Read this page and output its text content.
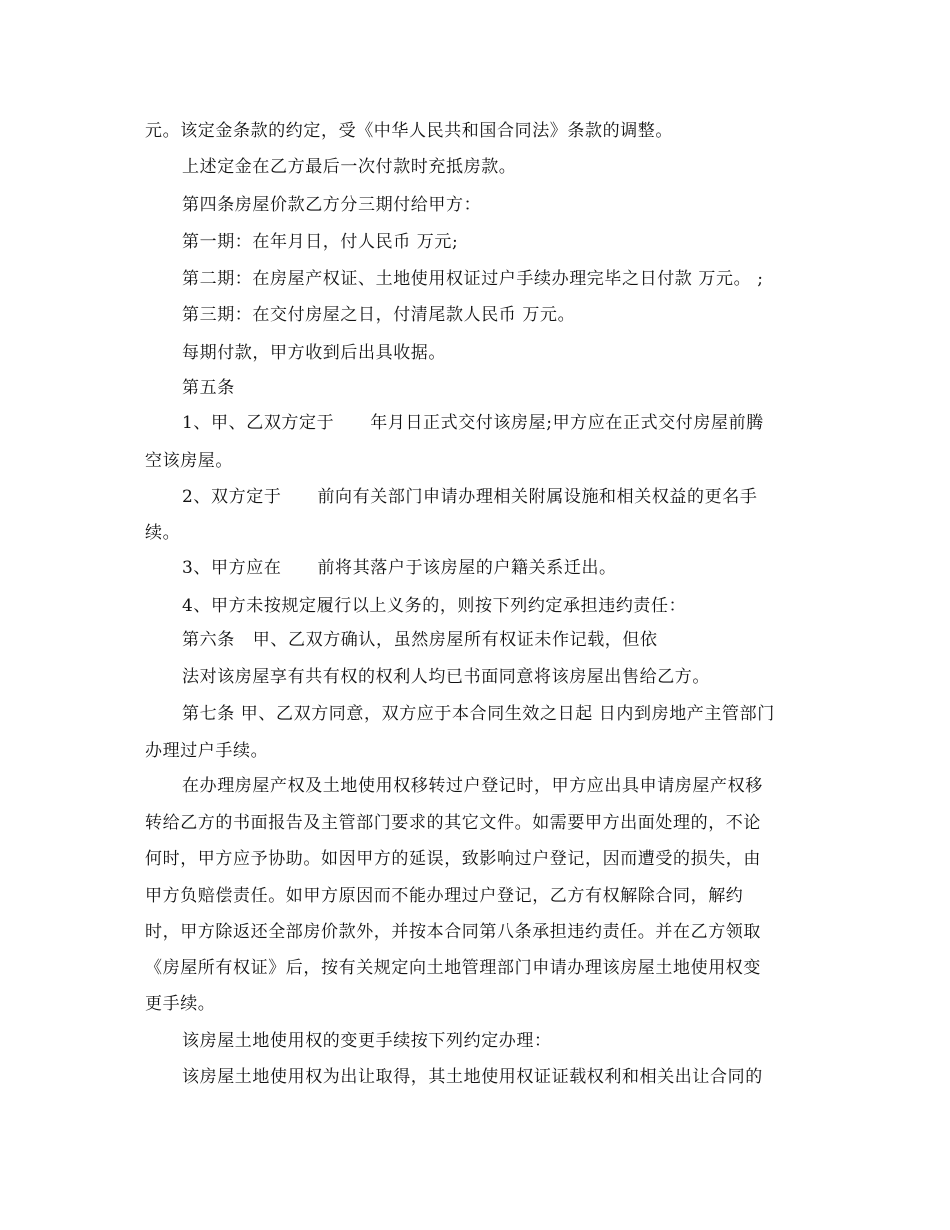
元。该定金条款的约定，受《中华人民共和国合同法》条款的调整。
上述定金在乙方最后一次付款时充抵房款。
第四条房屋价款乙方分三期付给甲方：
第一期：在年月日，付人民币 万元;
第二期：在房屋产权证、土地使用权证过户手续办理完毕之日付款 万元。 ;
第三期：在交付房屋之日，付清尾款人民币 万元。
每期付款，甲方收到后出具收据。
第五条
1、甲、乙双方定于      年月日正式交付该房屋;甲方应在正式交付房屋前腾
空该房屋。
2、双方定于      前向有关部门申请办理相关附属设施和相关权益的更名手
续。
3、甲方应在      前将其落户于该房屋的户籍关系迁出。
4、甲方未按规定履行以上义务的，则按下列约定承担违约责任：
第六条   甲、乙双方确认，虽然房屋所有权证未作记载，但依
法对该房屋享有共有权的权利人均已书面同意将该房屋出售给乙方。
第七条 甲、乙双方同意，双方应于本合同生效之日起 日内到房地产主管部门
办理过户手续。
在办理房屋产权及土地使用权移转过户登记时，甲方应出具申请房屋产权移
转给乙方的书面报告及主管部门要求的其它文件。如需要甲方出面处理的，不论
何时，甲方应予协助。如因甲方的延误，致影响过户登记，因而遭受的损失，由
甲方负赔偿责任。如甲方原因而不能办理过户登记，乙方有权解除合同，解约
时，甲方除返还全部房价款外，并按本合同第八条承担违约责任。并在乙方领取
《房屋所有权证》后，按有关规定向土地管理部门申请办理该房屋土地使用权变
更手续。
该房屋土地使用权的变更手续按下列约定办理：
该房屋土地使用权为出让取得，其土地使用权证证载权利和相关出让合同的
